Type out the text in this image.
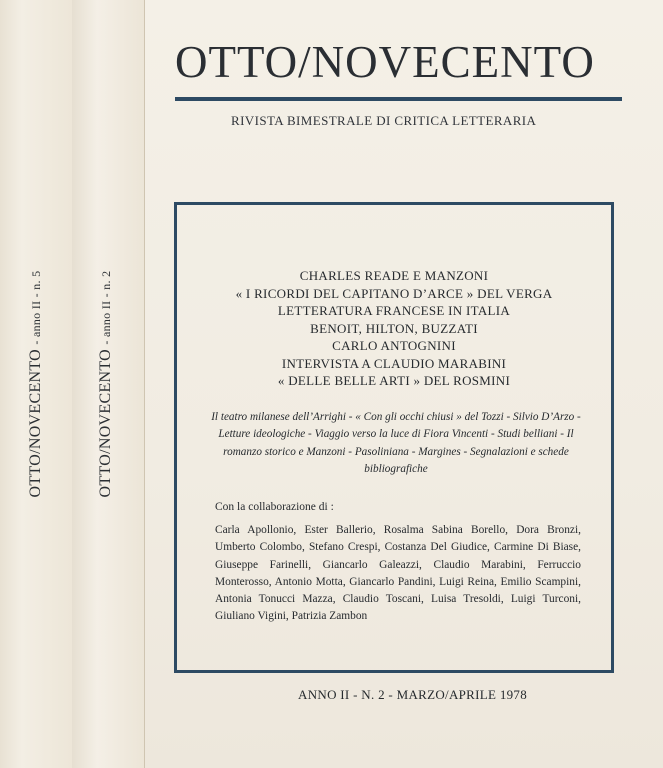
OTTO/NOVECENTO - anno II - n. 5
OTTO/NOVECENTO - anno II - n. 2
OTTO/NOVECENTO
RIVISTA BIMESTRALE DI CRITICA LETTERARIA
CHARLES READE E MANZONI
« I RICORDI DEL CAPITANO D’ARCE » DEL VERGA
LETTERATURA FRANCESE IN ITALIA
BENOIT, HILTON, BUZZATI
CARLO ANTOGNINI
INTERVISTA A CLAUDIO MARABINI
« DELLE BELLE ARTI » DEL ROSMINI

Il teatro milanese dell’Arrighi - « Con gli occhi chiusi » del Tozzi - Silvio D’Arzo - Letture ideologiche - Viaggio verso la luce di Fiora Vincenti - Studi belliani - Il romanzo storico e Manzoni - Pasoliniana - Margines - Segnalazioni e schede bibliografiche

Con la collaborazione di :

Carla Apollonio, Ester Ballerio, Rosalma Sabina Borello, Dora Bronzi, Umberto Colombo, Stefano Crespi, Costanza Del Giudice, Carmine Di Biase, Giuseppe Farinelli, Giancarlo Galeazzi, Claudio Marabini, Ferruccio Monterosso, Antonio Motta, Giancarlo Pandini, Luigi Reina, Emilio Scampini, Antonia Tonucci Mazza, Claudio Toscani, Luisa Tresoldi, Luigi Turconi, Giuliano Vigini, Patrizia Zambon

ANNO II - N. 2 - MARZO/APRILE 1978
